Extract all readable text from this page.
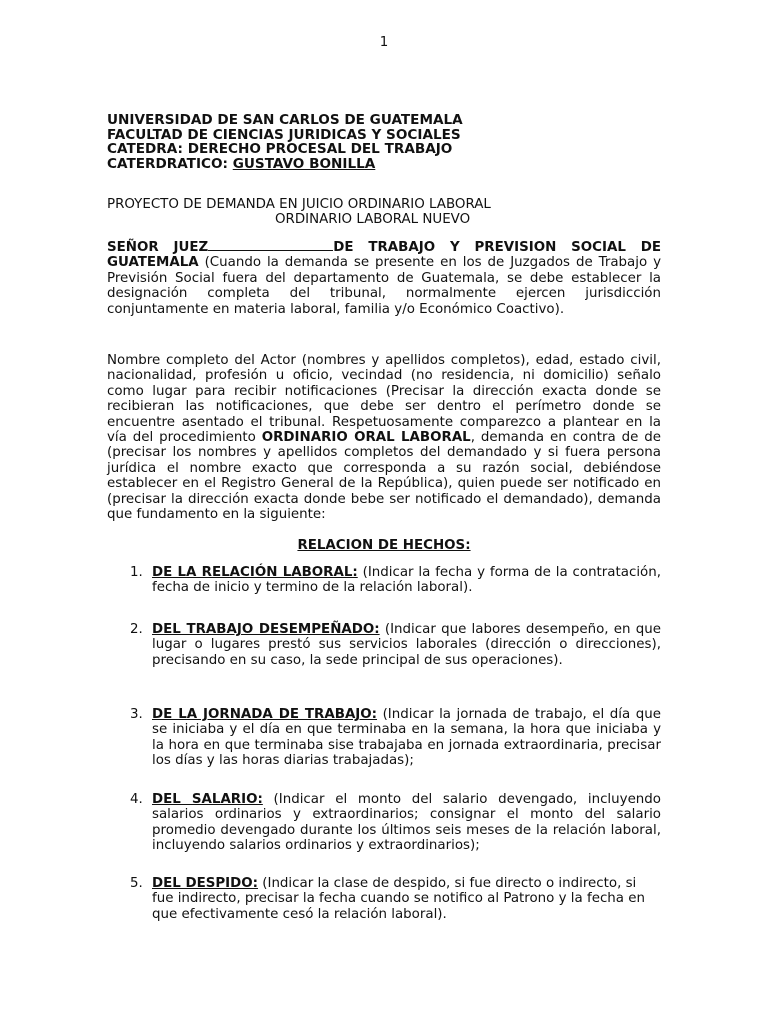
1
UNIVERSIDAD DE SAN CARLOS DE GUATEMALA
FACULTAD DE CIENCIAS JURIDICAS Y SOCIALES
CATEDRA: DERECHO PROCESAL DEL TRABAJO
CATERDRATICO: GUSTAVO BONILLA
PROYECTO DE DEMANDA EN JUICIO ORDINARIO LABORAL
ORDINARIO LABORAL NUEVO
SEÑOR JUEZ	DE TRABAJO Y PREVISION SOCIAL DE GUATEMALA (Cuando la demanda se presente en los de Juzgados de Trabajo y Previsión Social fuera del departamento de Guatemala, se debe establecer la designación completa del tribunal, normalmente ejercen jurisdicción conjuntamente en materia laboral, familia y/o Económico Coactivo).
Nombre completo del Actor (nombres y apellidos completos), edad, estado civil, nacionalidad, profesión u oficio, vecindad (no residencia, ni domicilio) señalo como lugar para recibir notificaciones (Precisar la dirección exacta donde se recibieran las notificaciones, que debe ser dentro el perímetro donde se encuentre asentado el tribunal. Respetuosamente comparezco a plantear en la vía del procedimiento ORDINARIO ORAL LABORAL, demanda en contra de de (precisar los nombres y apellidos completos del demandado y si fuera persona jurídica el nombre exacto que corresponda a su razón social, debiéndose establecer en el Registro General de la República), quien puede ser notificado en (precisar la dirección exacta donde bebe ser notificado el demandado), demanda que fundamento en la siguiente:
RELACION DE HECHOS:
1. DE LA RELACIÓN LABORAL: (Indicar la fecha y forma de la contratación, fecha de inicio y termino de la relación laboral).
2. DEL TRABAJO DESEMPEÑADO: (Indicar que labores desempeño, en que lugar o lugares prestó sus servicios laborales (dirección o direcciones), precisando en su caso, la sede principal de sus operaciones).
3. DE LA JORNADA DE TRABAJO: (Indicar la jornada de trabajo, el día que se iniciaba y el día en que terminaba en la semana, la hora que iniciaba y la hora en que terminaba sise trabajaba en jornada extraordinaria, precisar los días y las horas diarias trabajadas);
4. DEL SALARIO: (Indicar el monto del salario devengado, incluyendo salarios ordinarios y extraordinarios; consignar el monto del salario promedio devengado durante los últimos seis meses de la relación laboral, incluyendo salarios ordinarios y extraordinarios);
5. DEL DESPIDO: (Indicar la clase de despido, si fue directo o indirecto, si fue indirecto, precisar la fecha cuando se notifico al Patrono y la fecha en que efectivamente cesó la relación laboral).
